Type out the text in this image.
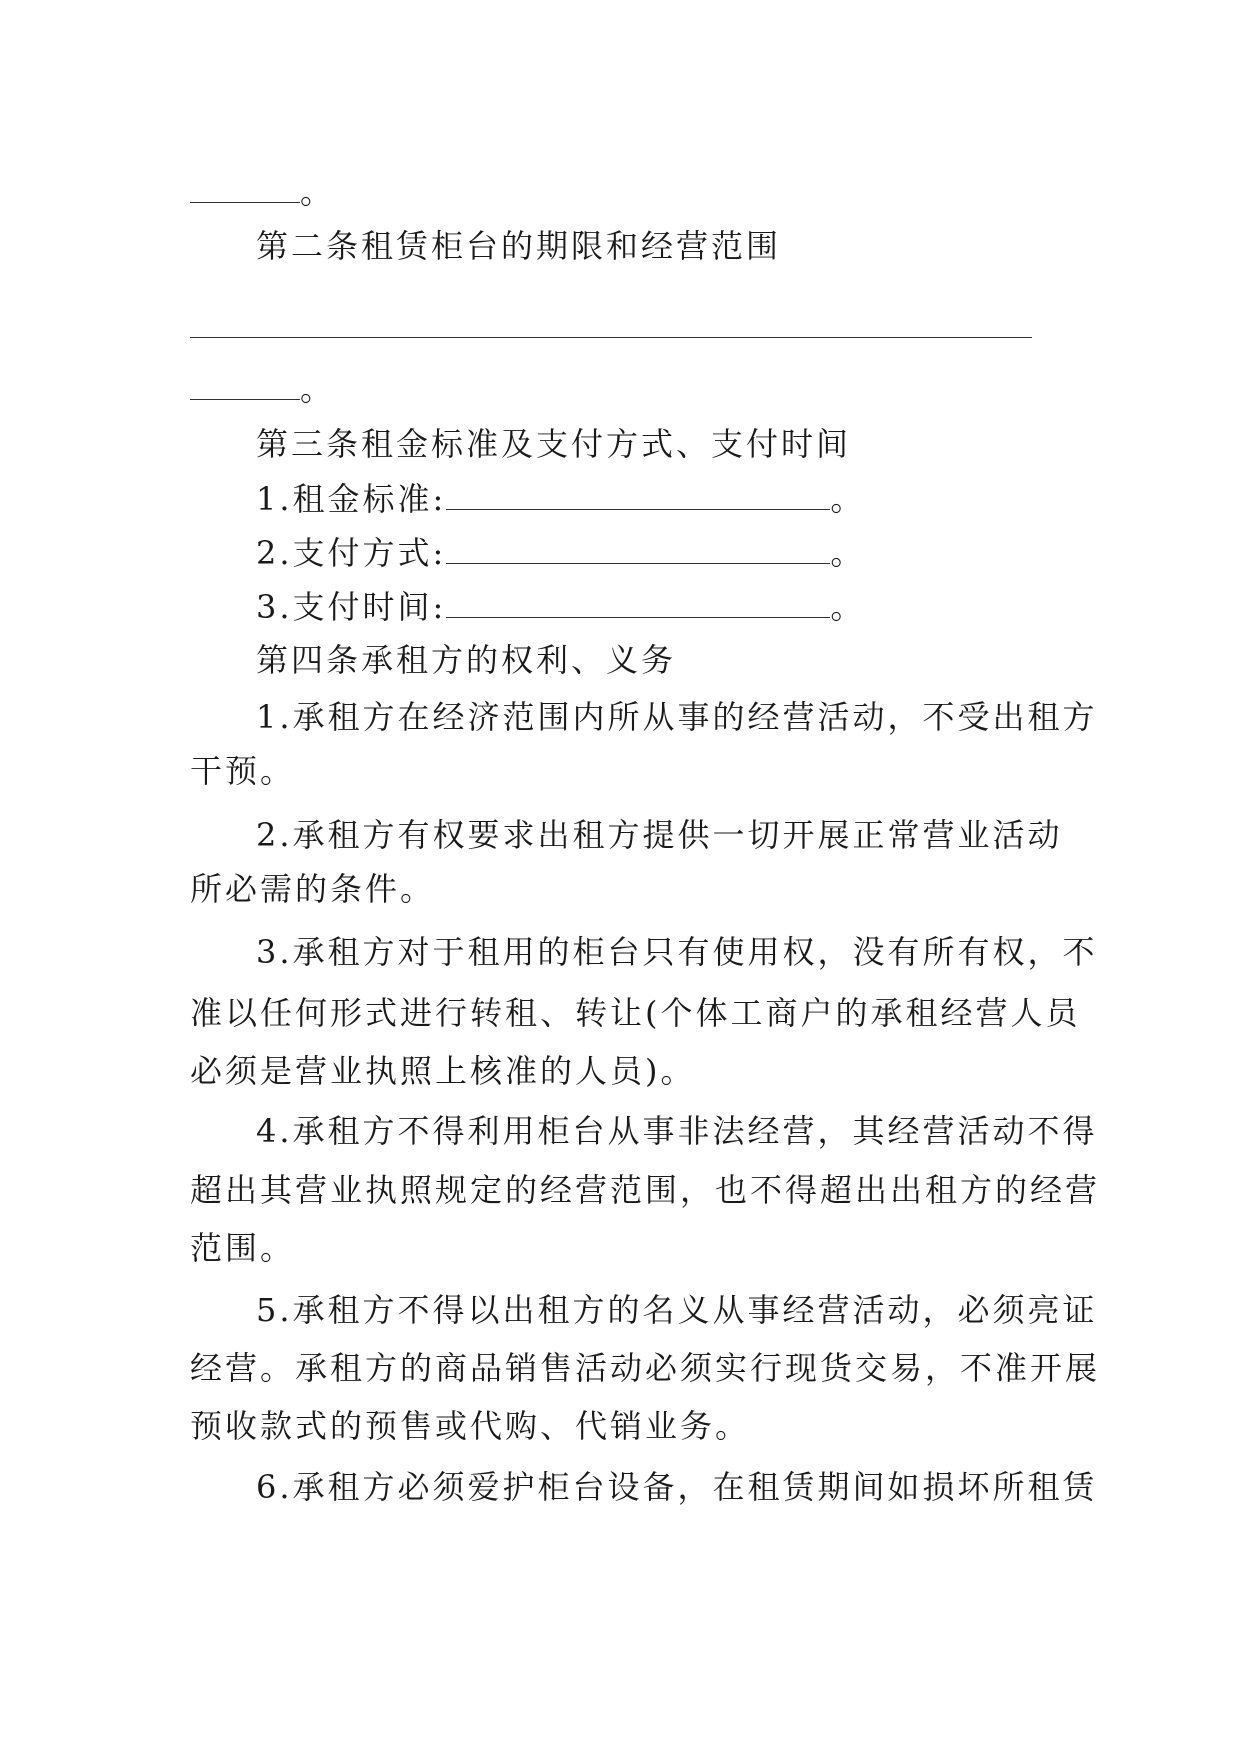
。
第二条租赁柜台的期限和经营范围
。
第三条租金标准及支付方式、支付时间
1.租金标准:	。
2.支付方式:	。
3.支付时间:	。
第四条承租方的权利、义务
1.承租方在经济范围内所从事的经营活动，不受出租方
干预。
2.承租方有权要求出租方提供一切开展正常营业活动
所必需的条件。
3.承租方对于租用的柜台只有使用权，没有所有权，不
准以任何形式进行转租、转让(个体工商户的承租经营人员
必须是营业执照上核准的人员)。
4.承租方不得利用柜台从事非法经营，其经营活动不得
超出其营业执照规定的经营范围，也不得超出出租方的经营
范围。
5.承租方不得以出租方的名义从事经营活动，必须亮证
经营。承租方的商品销售活动必须实行现货交易，不准开展
预收款式的预售或代购、代销业务。
6.承租方必须爱护柜台设备，在租赁期间如损坏所租赁
